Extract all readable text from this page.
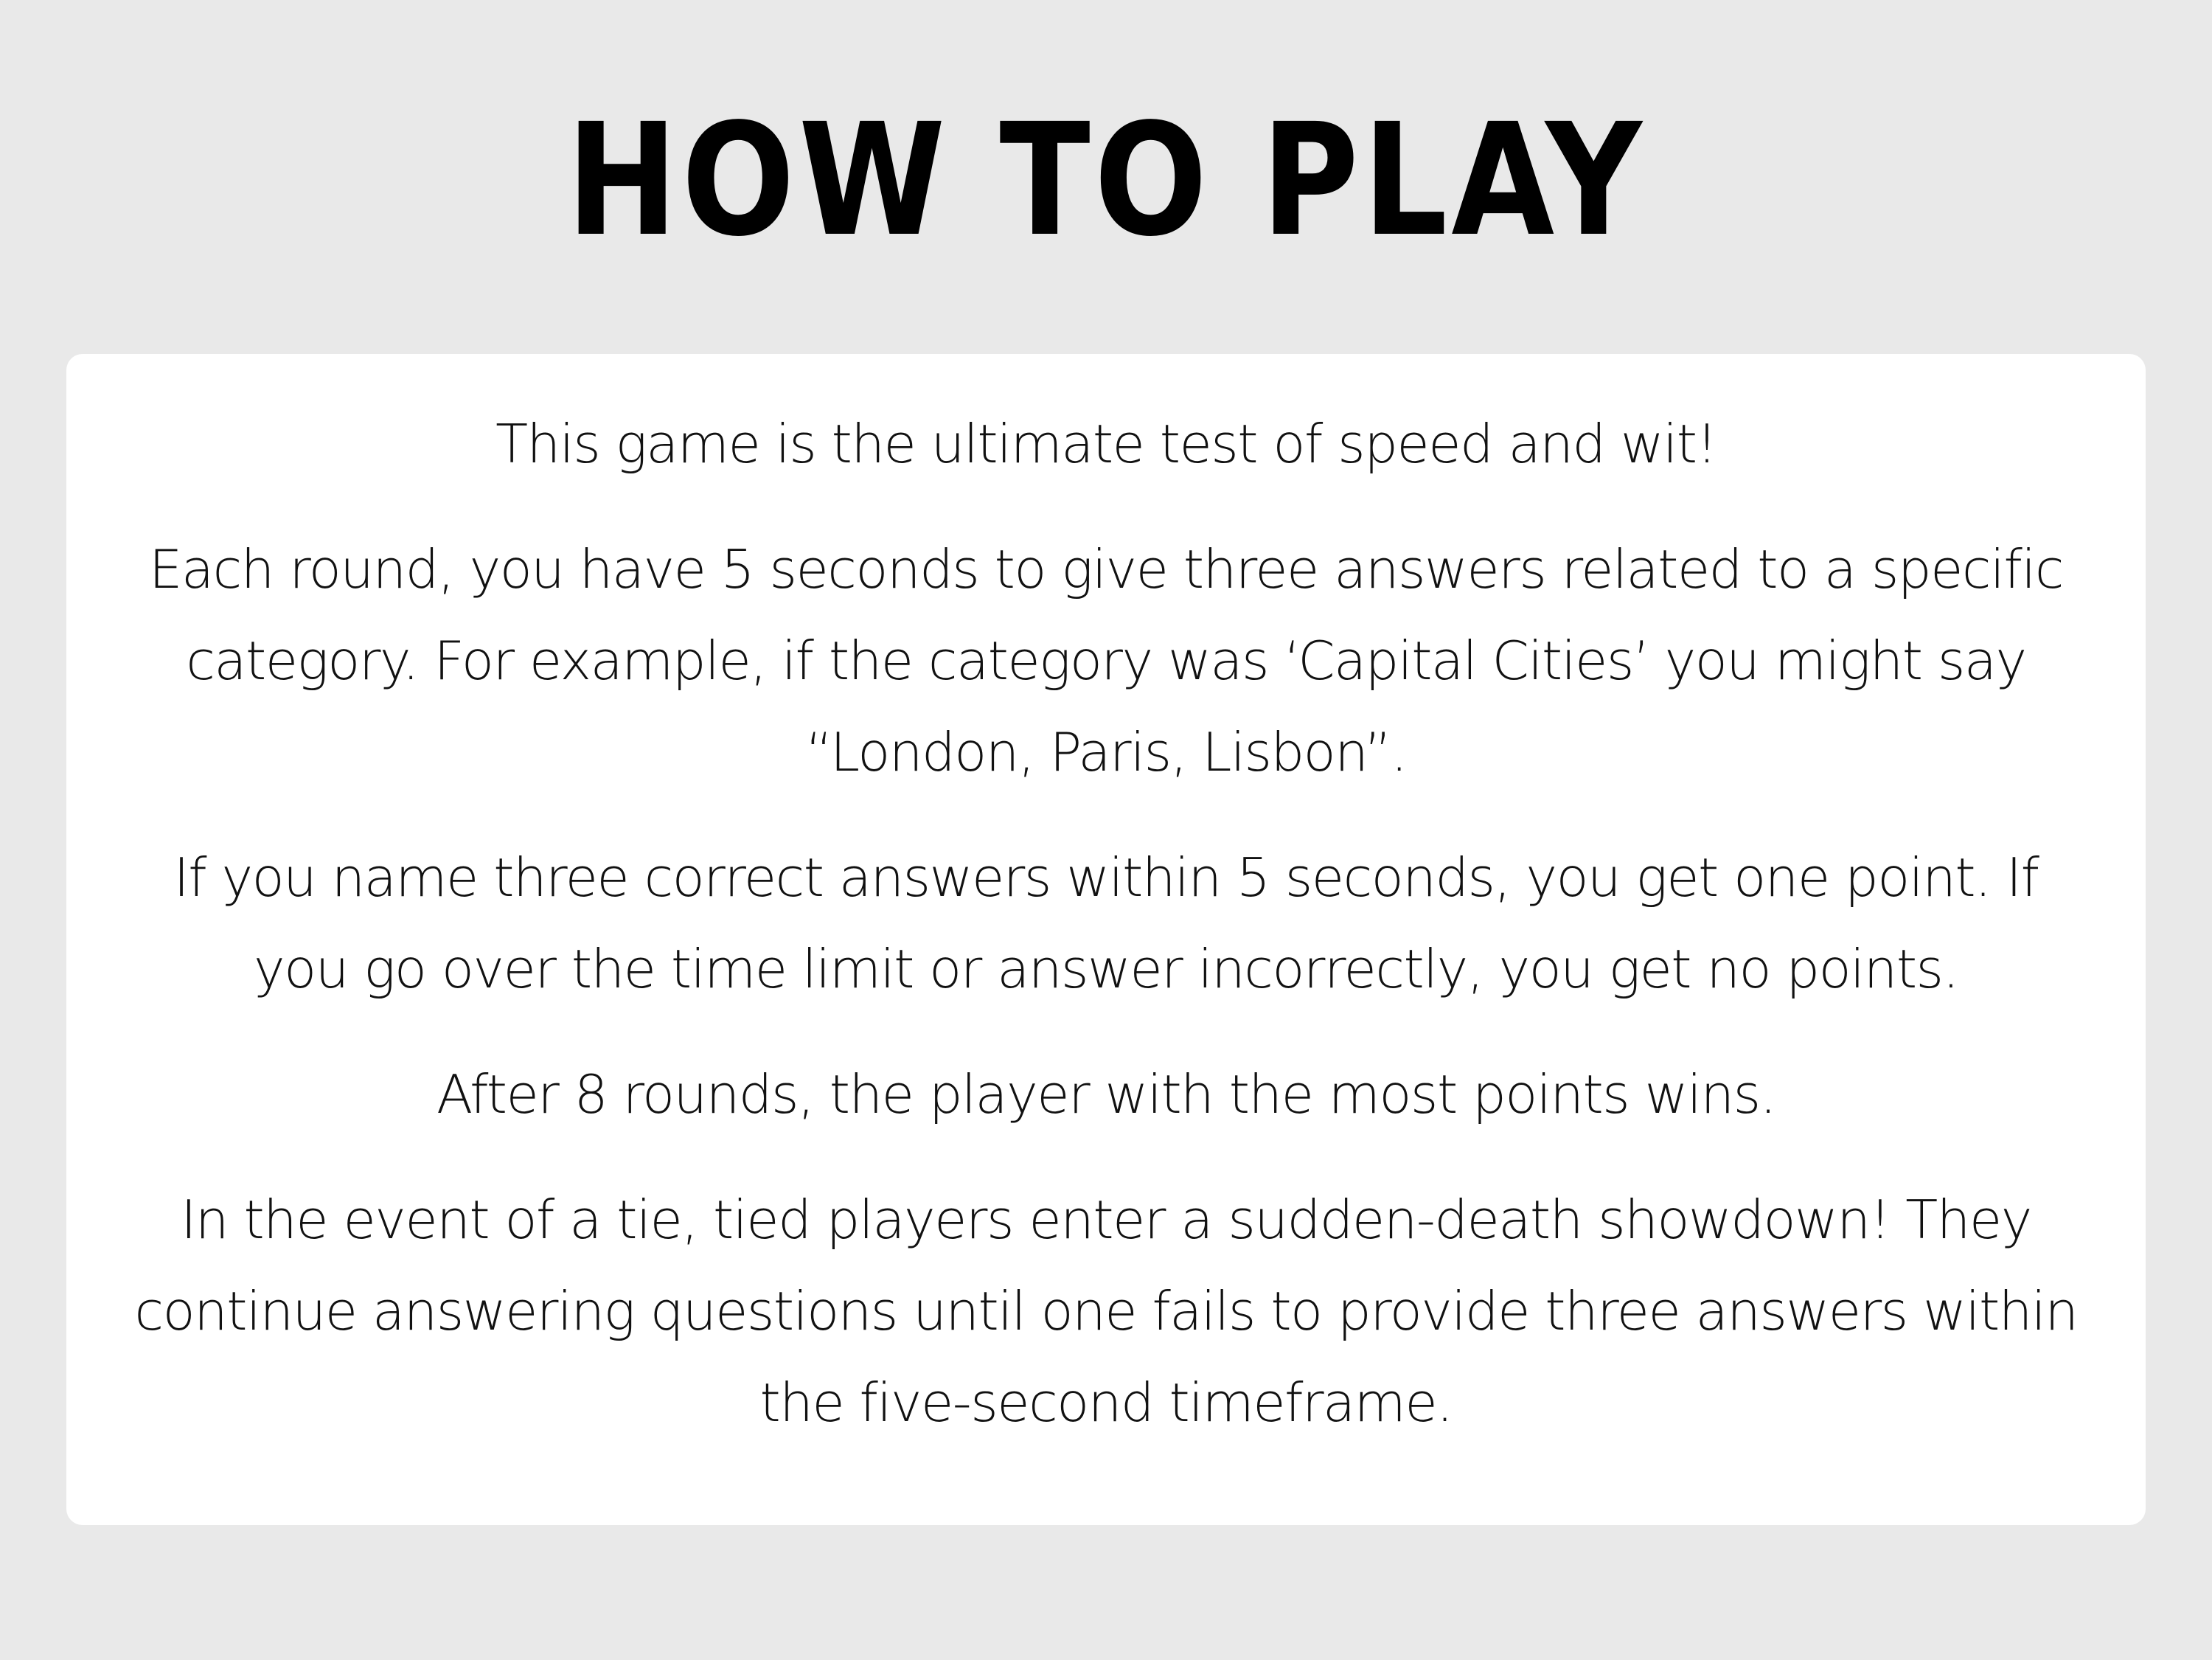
HOW TO PLAY

This game is the ultimate test of speed and wit!

Each round, you have 5 seconds to give three answers related to a specific category. For example, if the category was ‘Capital Cities’ you might say “London, Paris, Lisbon”.

If you name three correct answers within 5 seconds, you get one point. If you go over the time limit or answer incorrectly, you get no points.

After 8 rounds, the player with the most points wins.

In the event of a tie, tied players enter a sudden-death showdown! They continue answering questions until one fails to provide three answers within the five-second timeframe.
